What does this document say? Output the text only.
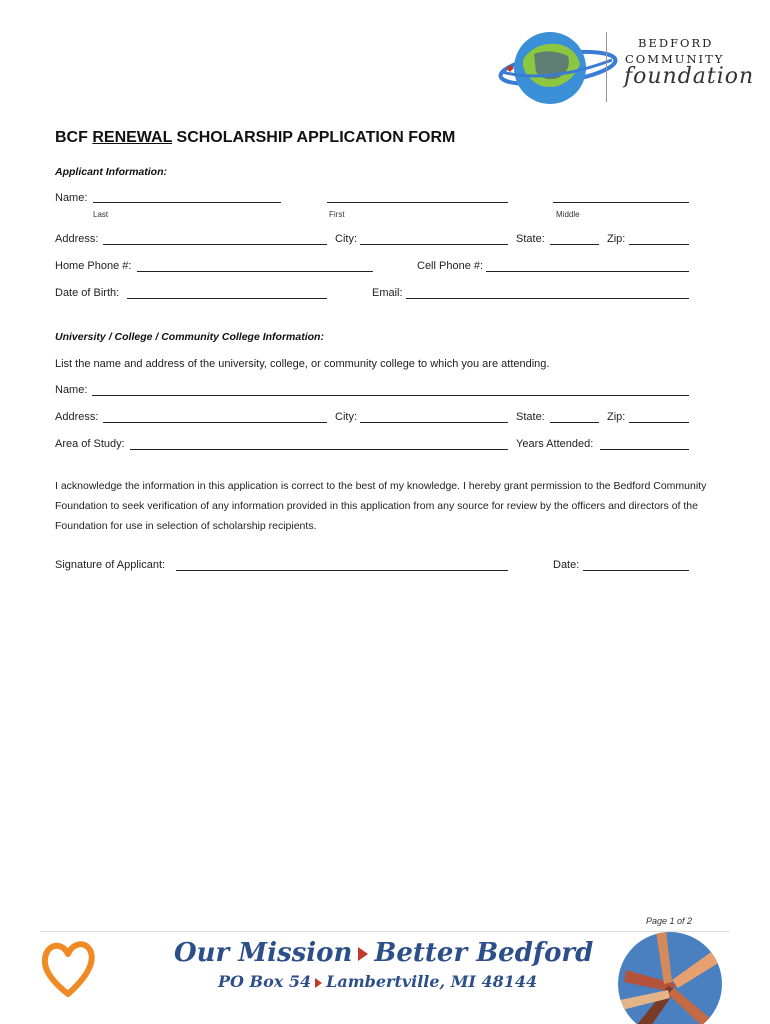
BEDFORD
COMMUNITY
foundation
BCF RENEWAL SCHOLARSHIP APPLICATION FORM
Applicant Information:
Name:
Last	First	Middle
Address:	City:	State:	Zip:
Home Phone #:	Cell Phone #:
Date of Birth:	Email:
University / College / Community College Information:
List the name and address of the university, college, or community college to which you are attending.
Name:
Address:	City:	State:	Zip:
Area of Study:	Years Attended:
I acknowledge the information in this application is correct to the best of my knowledge. I hereby grant permission to the Bedford Community Foundation to seek verification of any information provided in this application from any source for review by the officers and directors of the Foundation for use in selection of scholarship recipients.
Signature of Applicant:	Date:
Page 1 of 2
Our Mission Better Bedford
PO Box 54 Lambertville, MI 48144
